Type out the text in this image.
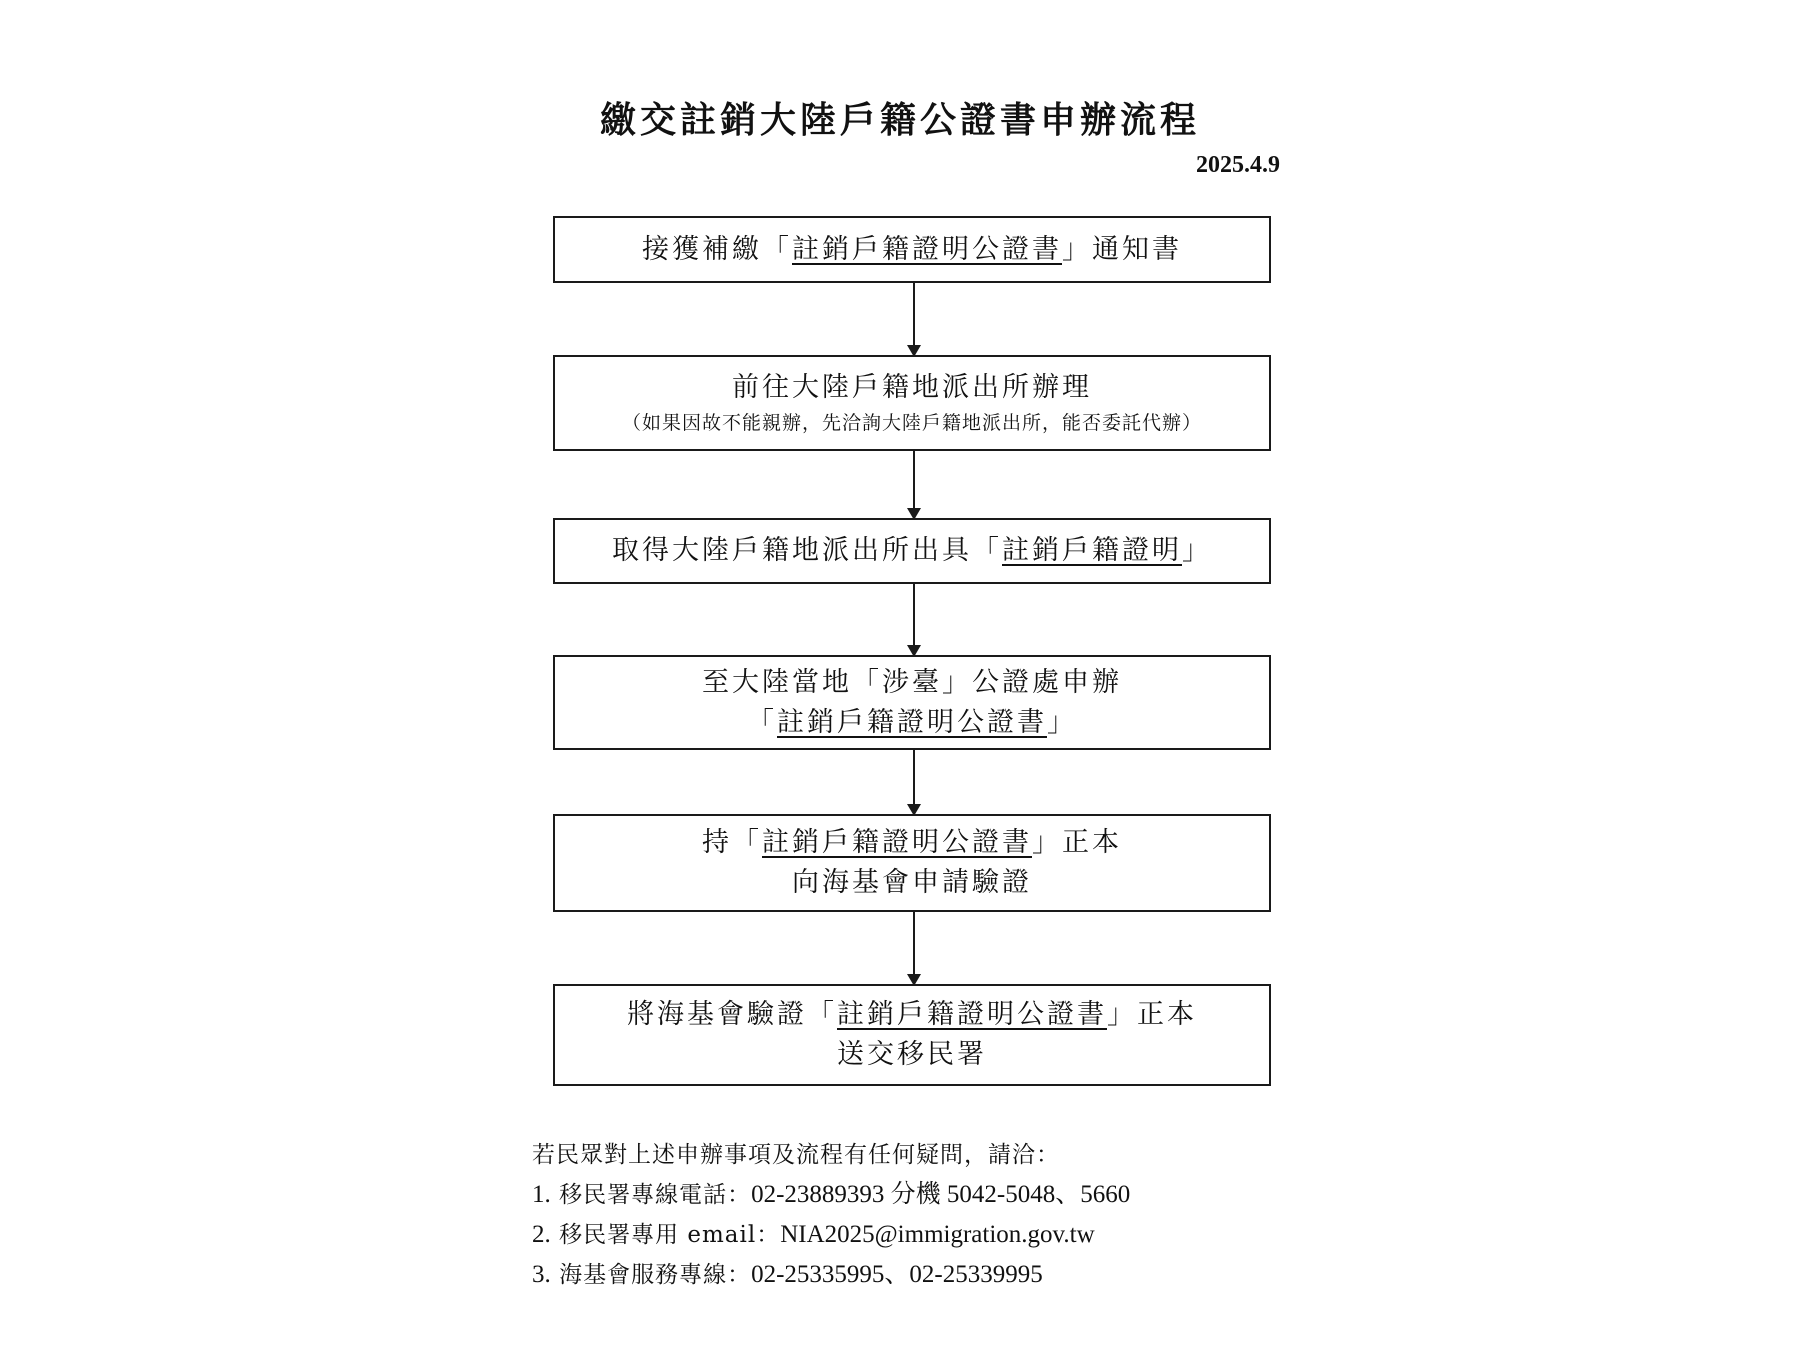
繳交註銷大陸戶籍公證書申辦流程
2025.4.9
接獲補繳「註銷戶籍證明公證書」通知書
前往大陸戶籍地派出所辦理
（如果因故不能親辦，先洽詢大陸戶籍地派出所，能否委託代辦）
取得大陸戶籍地派出所出具「註銷戶籍證明」
至大陸當地「涉臺」公證處申辦
「註銷戶籍證明公證書」
持「註銷戶籍證明公證書」正本
向海基會申請驗證
將海基會驗證「註銷戶籍證明公證書」正本
送交移民署
若民眾對上述申辦事項及流程有任何疑問，請洽：
1. 移民署專線電話：02-23889393 分機 5042-5048、5660
2. 移民署專用 email：NIA2025@immigration.gov.tw
3. 海基會服務專線：02-25335995、02-25339995
